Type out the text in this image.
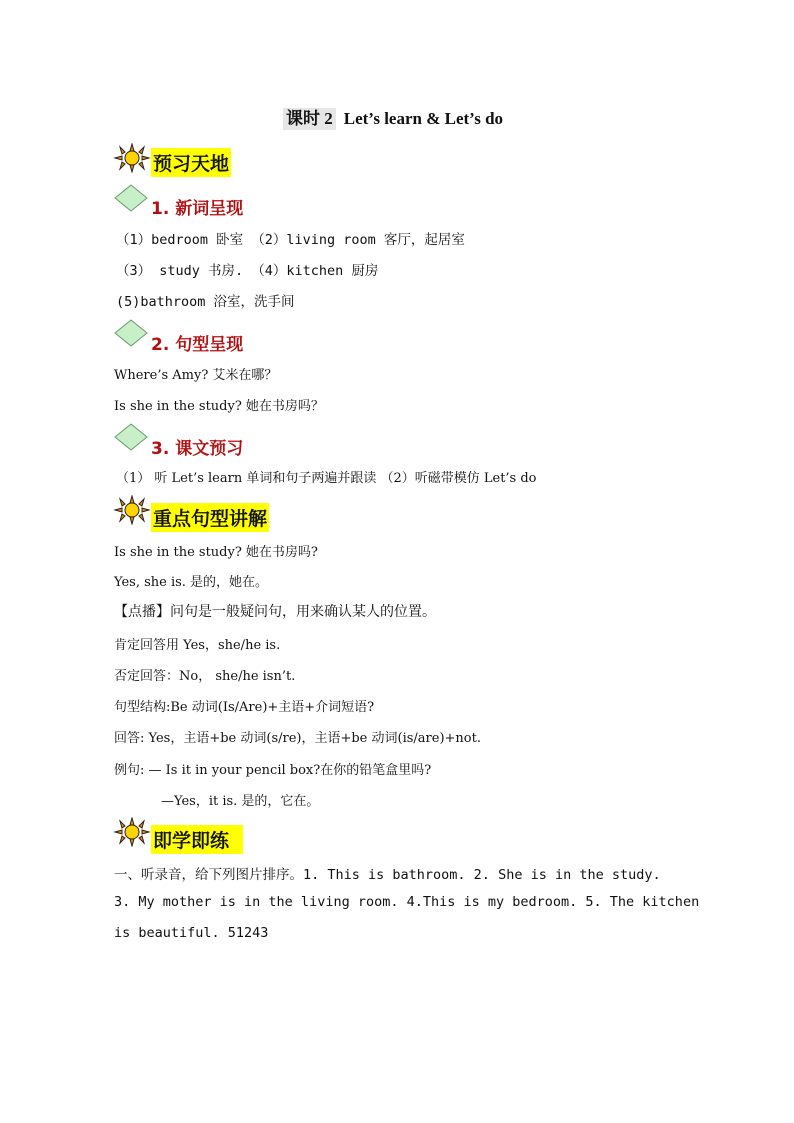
课时 2 Let’s learn & Let’s do
预习天地
1. 新词呈现
（1）bedroom 卧室 （2）living room 客厅，起居室
（3） study 书房. （4）kitchen 厨房
(5)bathroom 浴室，洗手间
2. 句型呈现
Where’s Amy? 艾米在哪？
Is she in the study? 她在书房吗？
3. 课文预习
（1） 听 Let’s learn 单词和句子两遍并跟读 （2）听磁带模仿 Let’s do
重点句型讲解
Is she in the study? 她在书房吗?
Yes, she is. 是的，她在。
【点播】问句是一般疑问句，用来确认某人的位置。
肯定回答用 Yes，she/he is.
否定回答：No， she/he isn’t.
句型结构:Be 动词(Is/Are)+主语+介词短语?
回答: Yes，主语+be 动词(s/re)，主语+be 动词(is/are)+not.
例句: — Is it in your pencil box?在你的铅笔盒里吗?
—Yes，it is. 是的，它在。
即学即练
一、听录音，给下列图片排序。1. This is bathroom. 2. She is in the study.
3. My mother is in the living room. 4.This is my bedroom. 5. The kitchen
is beautiful. 51243
